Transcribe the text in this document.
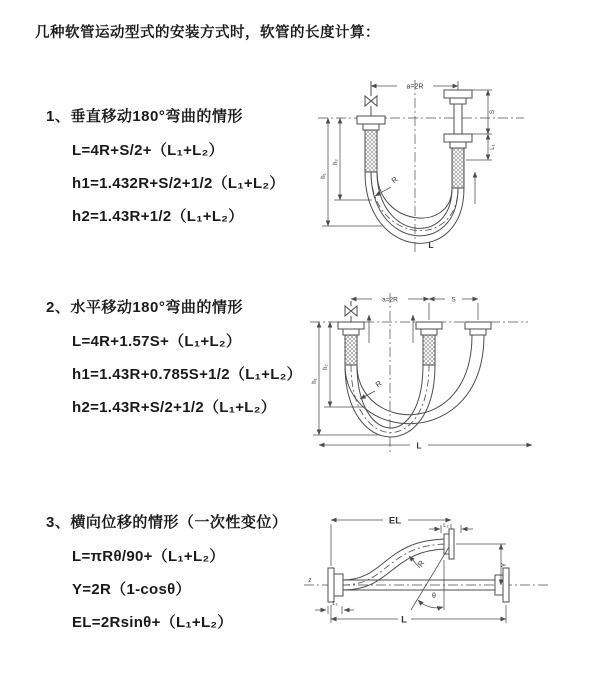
几种软管运动型式的安装方式时，软管的长度计算：
1、垂直移动180°弯曲的情形
L=4R+S/2+（L₁+L₂）
h1=1.432R+S/2+1/2（L₁+L₂）
h2=1.43R+1/2（L₁+L₂）
a=2R
S
L₁
h₁
h₂
R
L
2、水平移动180°弯曲的情形
L=4R+1.57S+（L₁+L₂）
h1=1.43R+0.785S+1/2（L₁+L₂）
h2=1.43R+S/2+1/2（L₁+L₂）
a=2R	S
h₁
h₂
R
L
3、横向位移的情形（一次性变位）
L=πRθ/90+（L₁+L₂）
Y=2R（1-cosθ）
EL=2Rsinθ+（L₁+L₂）
z
EL	L₂
Y
θ
R
L
L₁
